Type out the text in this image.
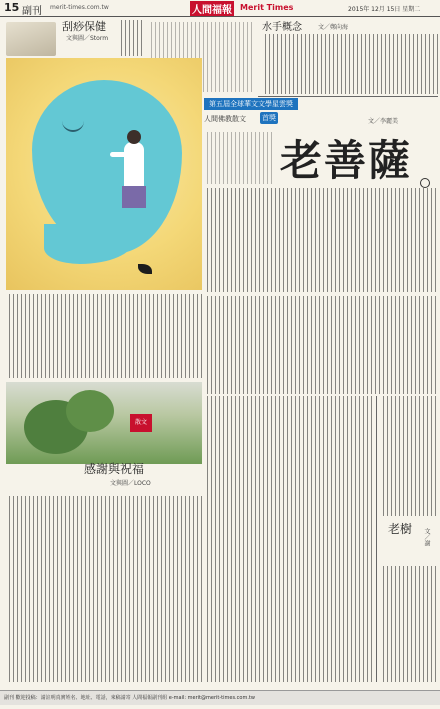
15 副刊 merit-times.com.tw	人間福報 Merit Times	2015年 12月 15日 星期二
刮痧保健
文與圖／Storm
水手概念	文／鄭向海
第五屆全球華文文學星雲獎
人間佛教散文 首獎	文／李麗美
老善薩
散文
感謝與祝福
文與圖／LOCO
老樹 文／謝
副刊 歡迎投稿：請註明真實姓名、地址、電話，來稿請寄 人間福報副刊組 e-mail: merit@merit-times.com.tw
